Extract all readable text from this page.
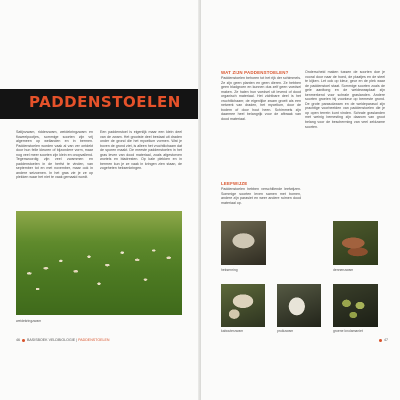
PADDENSTOELEN
Satijnzwam, ridderzwam, weidekringzwam en fluweelpootjes, sommige soorten zijn vrij algemeen op weilanden en in bermen. Paddenstoelen worden vaak al van ver ontdekt door hun felle kleuren of bijzondere vorm, maar nog veel meer soorten zijn klein en onopvallend. Tegenwoordig zijn veel zwammen en paddenstoelen in de herfst te vinden, van september tot en met november, maar ook in andere seizoenen. In het gras zie je ze op plekken waar het niet te vaak gemaaid wordt.
Een paddenstoel is eigenlijk maar een klein deel van de zwam. Het grootste deel bestaat uit draden onder de grond die het mycelium vormen. Wat je boven de grond ziet, is alleen het vruchtlichaam dat de sporen maakt. De meeste paddenstoelen in het gras leven van dood materiaal, zoals afgestorven wortels en bladresten. Op kale plekken en in bermen kun je ze vaak in kringen zien staan, de zogeheten heksenkringen.
weidekringzwam
46 BASISBOEK VELDBIOLOGIE | PADDENSTOELEN
WAT ZIJN PADDENSTOELEN?
Paddenstoelen behoren tot het rijk der schimmels. Ze zijn geen planten en geen dieren. Ze hebben geen bladgroen en kunnen dus zelf geen voedsel maken. Ze halen hun voedsel uit levend of dood organisch materiaal. Het zichtbare deel is het vruchtlichaam; de eigenlijke zwam groeit als een netwerk van draden, het mycelium, door de bodem of door hout heen. Schimmels zijn daarmee heel belangrijk voor de afbraak van dood materiaal.
LEEFWIJZE
Paddenstoelen hebben verschillende leefwijzen. Sommige soorten leven samen met bomen, andere zijn parasiet en weer andere ruimen dood materiaal op.
Onderscheid maken tussen de soorten doe je vooral door naar de hoed, de plaatjes en de steel te kijken. Let ook op kleur, geur en de plek waar de paddenstoel staat. Sommige soorten zoals de gele aardtong en de weidewasplaat zijn kenmerkend voor schrale graslanden. Andere soorten groeien bij voorkeur op bemeste grond. De grote parasolzwam en de weideparasol zijn prachtige voorbeelden van paddenstoelen die je op open terrein kunt vinden. Schrale graslanden met weinig bemesting zijn daarom van groot belang voor de bescherming van veel zeldzame soorten.
heksenring	dennenzwam
kabouterzwam	pruikzwam	groene knolamaniet
47
